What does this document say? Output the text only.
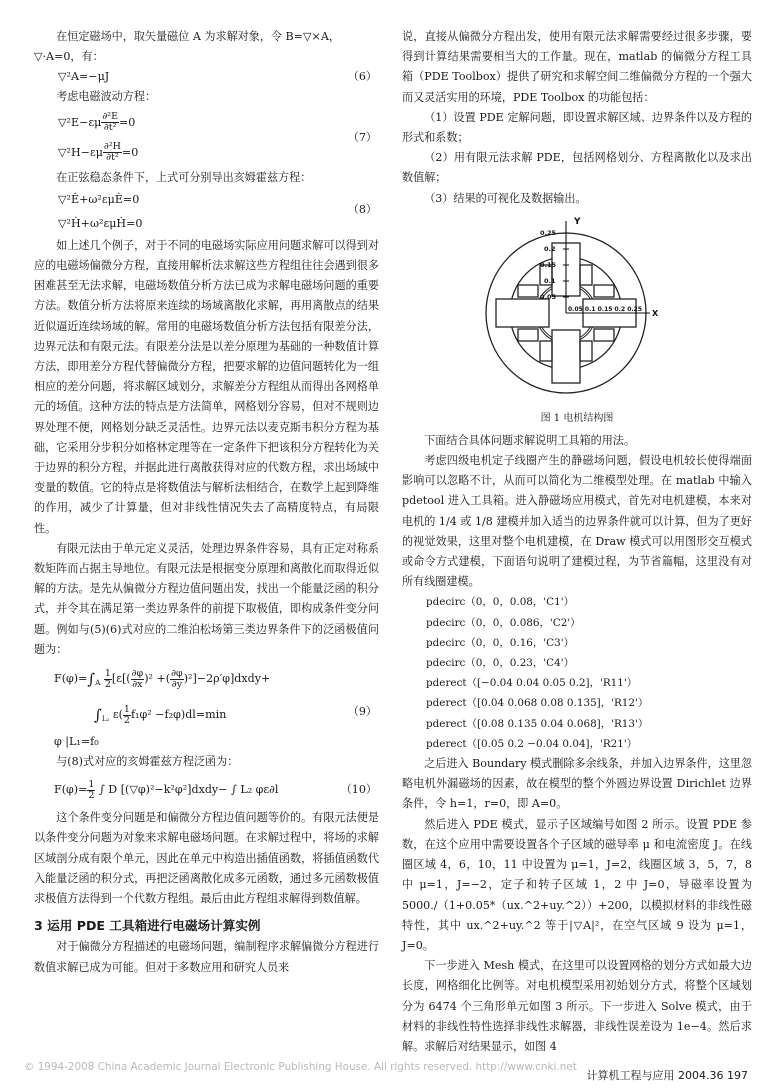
在恒定磁场中，取矢量磁位 A 为求解对象，令 B=▽×A，

▽·A=0，有：

▽²A=−μJ	（6）

考虑电磁波动方程：

▽²E−εμ $\frac{\text{∂²E}}{\text{∂t²}} =0$
▽²H−εμ $\frac{\text{∂²H}}{\text{∂t²}} =0$
（7）

在正弦稳态条件下，上式可分别导出亥姆霍兹方程：

▽²Ė+ω²εμĖ=0
▽²Ḣ+ω²εμḢ=0
（8）

如上述几个例子，对于不同的电磁场实际应用问题求解可以得到对应的电磁场偏微分方程，直接用解析法求解这些方程组往往会遇到很多困难甚至无法求解，电磁场数值分析方法已成为求解电磁场问题的重要方法。数值分析方法将原来连续的场域离散化求解，再用离散点的结果近似逼近连续场域的解。常用的电磁场数值分析方法包括有限差分法，边界元法和有限元法。有限差分法是以差分原理为基础的一种数值计算方法，即用差分方程代替偏微分方程，把要求解的边值问题转化为一组相应的差分问题，将求解区域划分，求解差分方程组从而得出各网格单元的场值。这种方法的特点是方法简单，网格划分容易，但对不规则边界处理不便，网格划分缺乏灵活性。边界元法以麦克斯韦积分方程为基础，它采用分步积分如格林定理等在一定条件下把该积分方程转化为关于边界的积分方程，并据此进行离散获得对应的代数方程，求出场域中变量的数值。它的特点是将数值法与解析法相结合，在数学上起到降维的作用，减少了计算量，但对非线性情况失去了高精度特点，有局限性。

有限元法由于单元定义灵活，处理边界条件容易，具有正定对称系数矩阵而占据主导地位。有限元法是根据变分原理和离散化而取得近似解的方法。是先从偏微分方程边值问题出发，找出一个能量泛函的积分式，并令其在满足第一类边界条件的前提下取极值，即构成条件变分问题。例如与(5)(6)式对应的二维泊松场第三类边界条件下的泛函极值问题为：

$F(\varphi)=\int_A \frac{1}{2} [\varepsilon[( \frac{\partial\varphi}{\partial x} )^2$ +( $\frac{\partial\varphi}{\partial y}$ )²]−2ρ′φ]dxdy+
$\int_{L_2}$ $\varepsilon( \frac{1}{2} f_1\varphi^2 -f_2\varphi)dl=\min$
φ |L₁=f₀
（9）

与(8)式对应的亥姆霍兹方程泛函为：

$F(\varphi)= \frac{1}{2}$ ∫ D [(▽φ)²−k²φ²]dxdy− ∫ L₂ φε∂l	（10）

这个条件变分问题是和偏微分方程边值问题等价的。有限元法便是以条件变分问题为对象来求解电磁场问题。在求解过程中，将场的求解区域剖分成有限个单元，因此在单元中构造出插值函数，将插值函数代入能量泛函的积分式，再把泛函离散化成多元函数，通过多元函数极值求极值方法得到一个代数方程组。最后由此方程组求解得到数值解。

3 运用 PDE 工具箱进行电磁场计算实例

对于偏微分方程描述的电磁场问题，编制程序求解偏微分方程进行数值求解已成为可能。但对于多数应用和研究人员来

说，直接从偏微分方程出发，使用有限元法求解需要经过很多步骤，要得到计算结果需要相当大的工作量。现在，matlab 的偏微分方程工具箱（PDE Toolbox）提供了研究和求解空间二维偏微分方程的一个强大而又灵活实用的环境，PDE Toolbox 的功能包括：

（1）设置 PDE 定解问题，即设置求解区域、边界条件以及方程的形式和系数；

（2）用有限元法求解 PDE，包括网格划分、方程离散化以及求出数值解；

（3）结果的可视化及数据输出。

Y
0.25
0.2
0.15
0.1
0.05
0.05 0.1 0.15 0.2 0.25 X
图 1 电机结构图

下面结合具体问题求解说明工具箱的用法。

考虑四级电机定子线圈产生的静磁场问题，假设电机较长使得端面影响可以忽略不计，从而可以简化为二维模型处理。在 matlab 中输入 pdetool 进入工具箱。进入静磁场应用模式，首先对电机建模，本来对电机的 1/4 或 1/8 建模并加入适当的边界条件就可以计算，但为了更好的视觉效果，这里对整个电机建模，在 Draw 模式可以用图形交互模式或命令方式建模，下面语句说明了建模过程，为节省篇幅，这里没有对所有线圈建模。

pdecirc（0，0，0.08，'C1'）

pdecirc（0，0，0.086，'C2'）

pdecirc（0，0，0.16，'C3'）

pdecirc（0，0，0.23，'C4'）

pderect（[−0.04 0.04 0.05 0.2]，'R11'）

pderect（[0.04 0.068 0.08 0.135]，'R12'）

pderect（[0.08 0.135 0.04 0.068]，'R13'）

pderect（[0.05 0.2 −0.04 0.04]，'R21'）

之后进入 Boundary 模式删除多余线条，并加入边界条件，这里忽略电机外漏磁场的因素，故在模型的整个外圆边界设置 Dirichlet 边界条件，令 h=1，r=0，即 A=0。

然后进入 PDE 模式，显示子区域编号如图 2 所示。设置 PDE 参数，在这个应用中需要设置各个子区域的磁导率 μ 和电流密度 J。在线圈区域 4，6，10，11 中设置为 μ=1，J=2，线圈区域 3，5，7，8 中 μ=1，J=−2，定子和转子区域 1，2 中 J=0，导磁率设置为 5000./（1+0.05*（ux.^2+uy.^2））+200，以模拟材料的非线性磁特性，其中 ux.^2+uy.^2 等于|▽A|²，在空气区域 9 设为 μ=1，J=0。

下一步进入 Mesh 模式，在这里可以设置网格的划分方式如最大边长度，网格细化比例等。对电机模型采用初始划分方式，将整个区域划分为 6474 个三角形单元如图 3 所示。下一步进入 Solve 模式，由于材料的非线性特性选择非线性求解器，非线性误差设为 1e−4。然后求解。求解后对结果显示，如图 4

© 1994-2008 China Academic Journal Electronic Publishing House. All rights reserved. http://www.cnki.net
计算机工程与应用 2004.36 197
